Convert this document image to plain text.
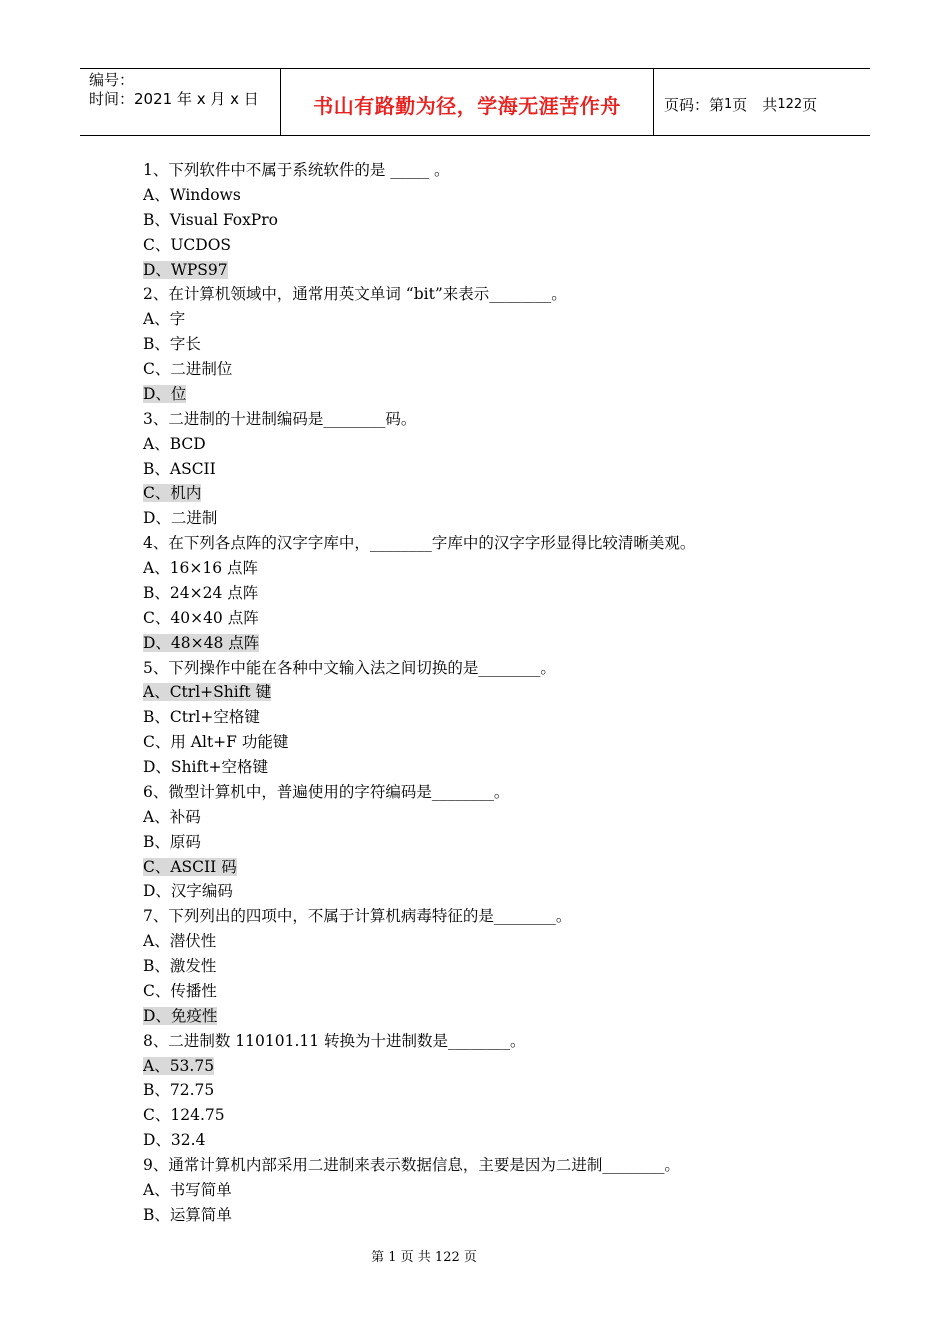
编号：
时间：2021 年 x 月 x 日	书山有路勤为径，学海无涯苦作舟	页码：第 1 页　共 122 页
1、下列软件中不属于系统软件的是 _____ 。
A、Windows
B、Visual FoxPro
C、UCDOS
D、WPS97
2、在计算机领域中，通常用英文单词 “bit”来表示________。
A、字
B、字长
C、二进制位
D、位
3、二进制的十进制编码是________码。
A、BCD
B、ASCII
C、机内
D、二进制
4、在下列各点阵的汉字字库中，________字库中的汉字字形显得比较清晰美观。
A、16×16 点阵
B、24×24 点阵
C、40×40 点阵
D、48×48 点阵
5、下列操作中能在各种中文输入法之间切换的是________。
A、Ctrl+Shift 键
B、Ctrl+空格键
C、用 Alt+F 功能键
D、Shift+空格键
6、微型计算机中，普遍使用的字符编码是________。
A、补码
B、原码
C、ASCII 码
D、汉字编码
7、下列列出的四项中，不属于计算机病毒特征的是________。
A、潜伏性
B、激发性
C、传播性
D、免疫性
8、二进制数 110101.11 转换为十进制数是________。
A、53.75
B、72.75
C、124.75
D、32.4
9、通常计算机内部采用二进制来表示数据信息，主要是因为二进制________。
A、书写简单
B、运算简单
第 1 页 共 122 页
